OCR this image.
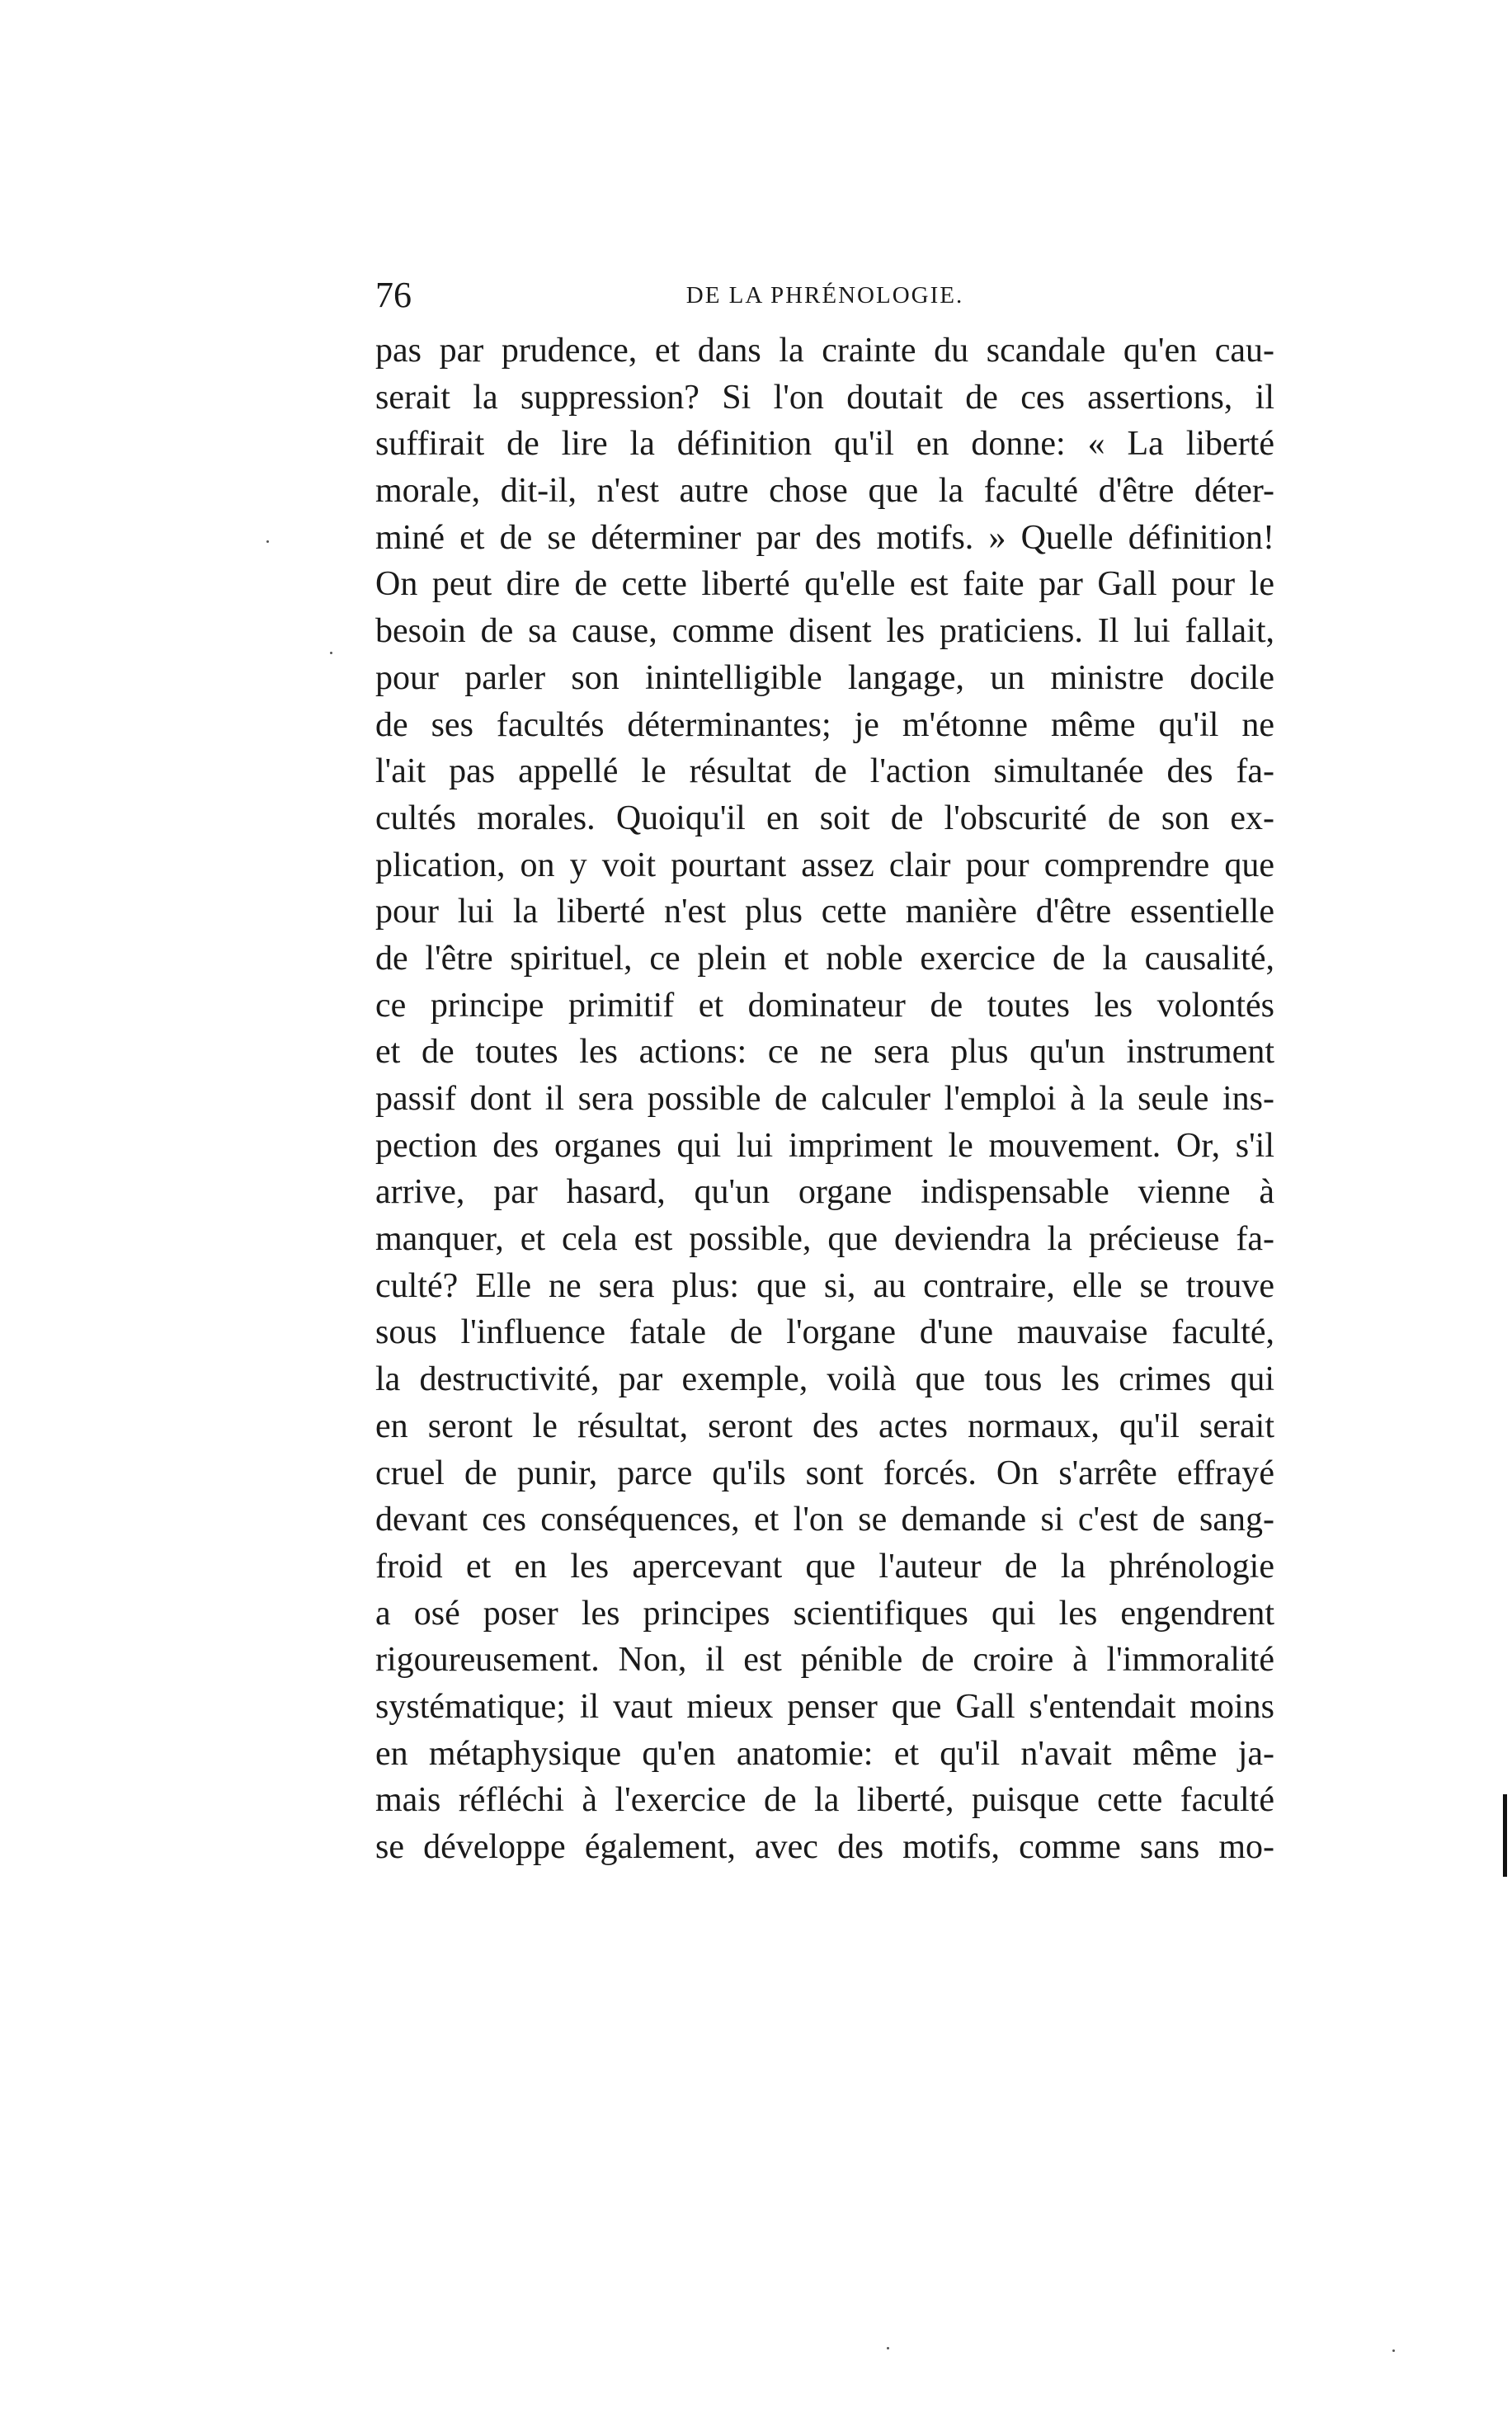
76	DE LA PHRÉNOLOGIE.
pas par prudence, et dans la crainte du scandale qu'en cau-
serait la suppression? Si l'on doutait de ces assertions, il
suffirait de lire la définition qu'il en donne: « La liberté
morale, dit-il, n'est autre chose que la faculté d'être déter-
miné et de se déterminer par des motifs. » Quelle définition!
On peut dire de cette liberté qu'elle est faite par Gall pour le
besoin de sa cause, comme disent les praticiens. Il lui fallait,
pour parler son inintelligible langage, un ministre docile
de ses facultés déterminantes; je m'étonne même qu'il ne
l'ait pas appellé le résultat de l'action simultanée des fa-
cultés morales. Quoiqu'il en soit de l'obscurité de son ex-
plication, on y voit pourtant assez clair pour comprendre que
pour lui la liberté n'est plus cette manière d'être essentielle
de l'être spirituel, ce plein et noble exercice de la causalité,
ce principe primitif et dominateur de toutes les volontés
et de toutes les actions: ce ne sera plus qu'un instrument
passif dont il sera possible de calculer l'emploi à la seule ins-
pection des organes qui lui impriment le mouvement. Or, s'il
arrive, par hasard, qu'un organe indispensable vienne à
manquer, et cela est possible, que deviendra la précieuse fa-
culté? Elle ne sera plus: que si, au contraire, elle se trouve
sous l'influence fatale de l'organe d'une mauvaise faculté,
la destructivité, par exemple, voilà que tous les crimes qui
en seront le résultat, seront des actes normaux, qu'il serait
cruel de punir, parce qu'ils sont forcés. On s'arrête effrayé
devant ces conséquences, et l'on se demande si c'est de sang-
froid et en les apercevant que l'auteur de la phrénologie
a osé poser les principes scientifiques qui les engendrent
rigoureusement. Non, il est pénible de croire à l'immoralité
systématique; il vaut mieux penser que Gall s'entendait moins
en métaphysique qu'en anatomie: et qu'il n'avait même ja-
mais réfléchi à l'exercice de la liberté, puisque cette faculté
se développe également, avec des motifs, comme sans mo-
